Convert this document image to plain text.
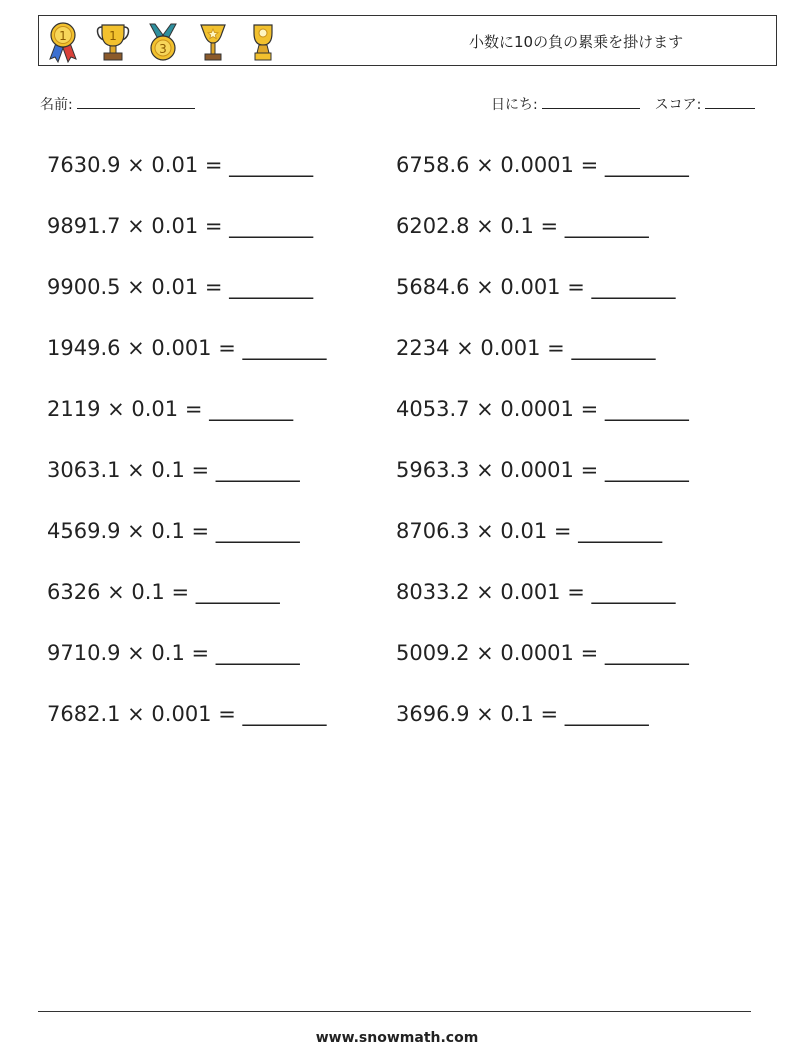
1	1
3	小数に10の負の累乗を掛けます
名前:	日にち:	スコア:
7630.9 × 0.01 = ________
9891.7 × 0.01 = ________
9900.5 × 0.01 = ________
1949.6 × 0.001 = ________
2119 × 0.01 = ________
3063.1 × 0.1 = ________
4569.9 × 0.1 = ________
6326 × 0.1 = ________
9710.9 × 0.1 = ________
7682.1 × 0.001 = ________
6758.6 × 0.0001 = ________
6202.8 × 0.1 = ________
5684.6 × 0.001 = ________
2234 × 0.001 = ________
4053.7 × 0.0001 = ________
5963.3 × 0.0001 = ________
8706.3 × 0.01 = ________
8033.2 × 0.001 = ________
5009.2 × 0.0001 = ________
3696.9 × 0.1 = ________
www.snowmath.com
